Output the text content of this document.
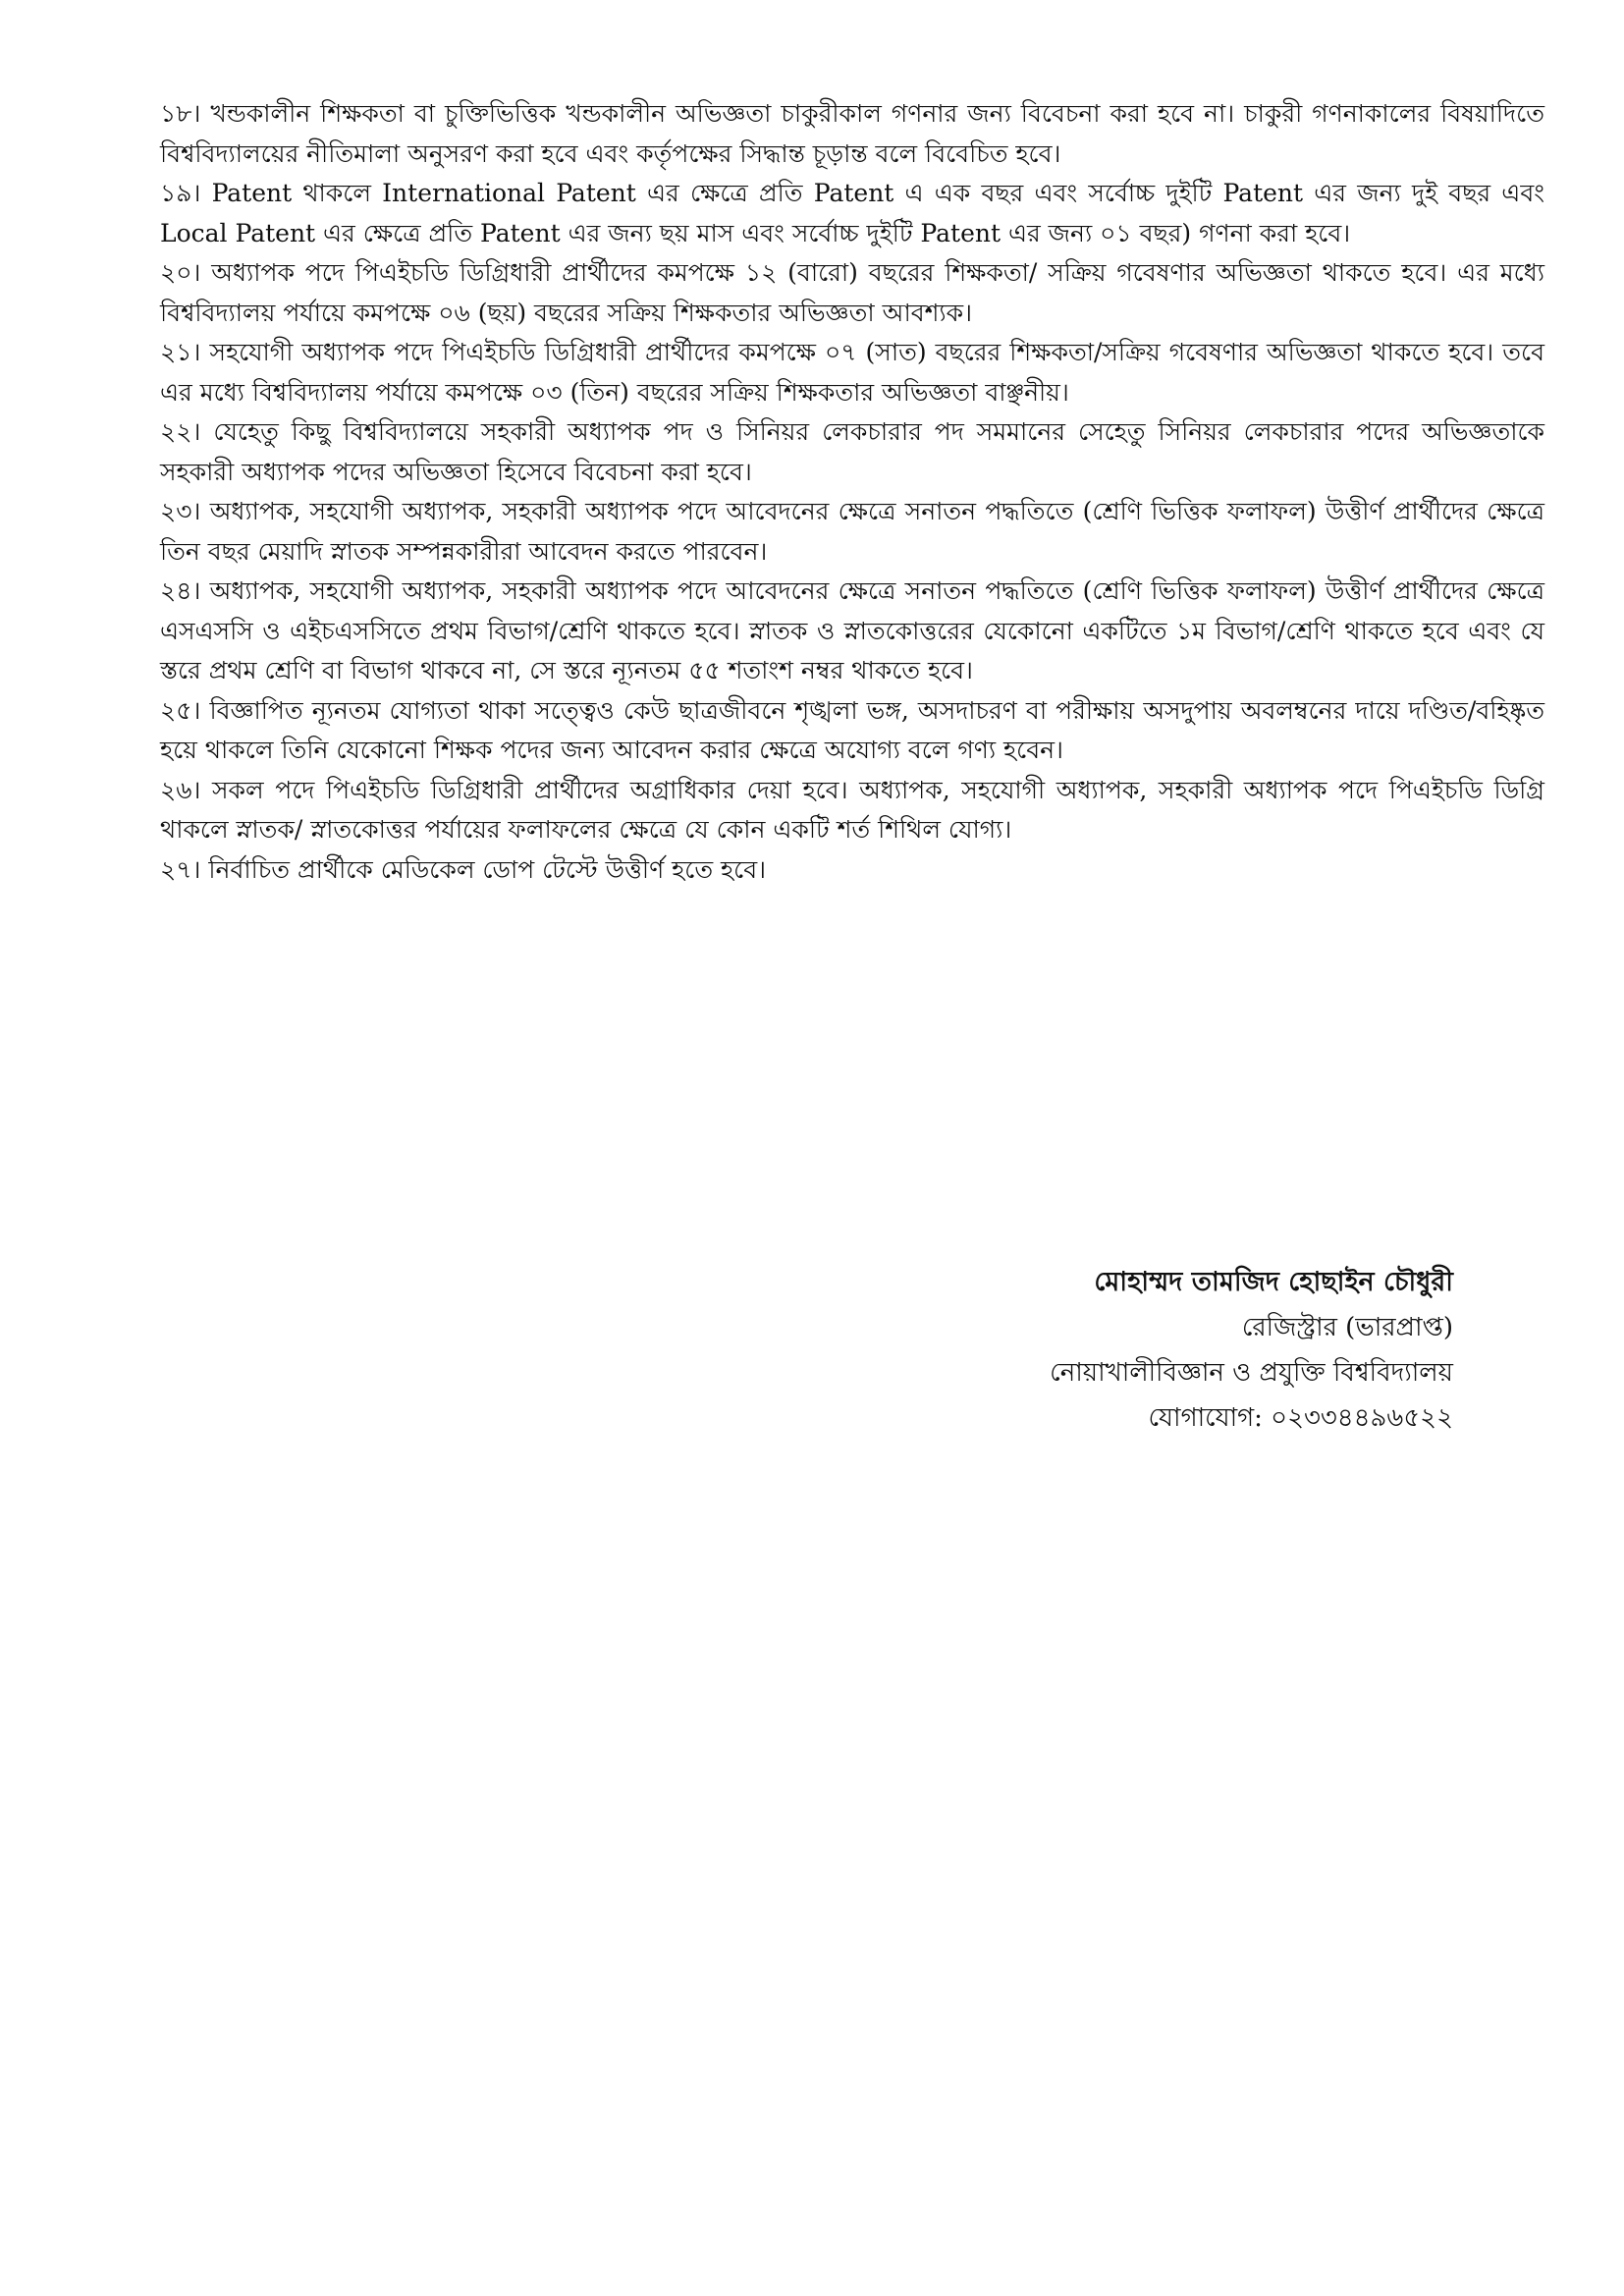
১৮। খন্ডকালীন শিক্ষকতা বা চুক্তিভিত্তিক খন্ডকালীন অভিজ্ঞতা চাকুরীকাল গণনার জন্য বিবেচনা করা হবে না। চাকুরী গণনাকালের বিষয়াদিতে বিশ্ববিদ্যালয়ের নীতিমালা অনুসরণ করা হবে এবং কর্তৃপক্ষের সিদ্ধান্ত চূড়ান্ত বলে বিবেচিত হবে।

১৯। Patent থাকলে International Patent এর ক্ষেত্রে প্রতি Patent এ এক বছর এবং সর্বোচ্চ দুইটি Patent এর জন্য দুই বছর এবং Local Patent এর ক্ষেত্রে প্রতি Patent এর জন্য ছয় মাস এবং সর্বোচ্চ দুইটি Patent এর জন্য ০১ বছর) গণনা করা হবে।

২০। অধ্যাপক পদে পিএইচডি ডিগ্রিধারী প্রার্থীদের কমপক্ষে ১২ (বারো) বছরের শিক্ষকতা/ সক্রিয় গবেষণার অভিজ্ঞতা থাকতে হবে। এর মধ্যে বিশ্ববিদ্যালয় পর্যায়ে কমপক্ষে ০৬ (ছয়) বছরের সক্রিয় শিক্ষকতার অভিজ্ঞতা আবশ্যক।

২১। সহযোগী অধ্যাপক পদে পিএইচডি ডিগ্রিধারী প্রার্থীদের কমপক্ষে ০৭ (সাত) বছরের শিক্ষকতা/সক্রিয় গবেষণার অভিজ্ঞতা থাকতে হবে। তবে এর মধ্যে বিশ্ববিদ্যালয় পর্যায়ে কমপক্ষে ০৩ (তিন) বছরের সক্রিয় শিক্ষকতার অভিজ্ঞতা বাঞ্ছনীয়।

২২। যেহেতু কিছু বিশ্ববিদ্যালয়ে সহকারী অধ্যাপক পদ ও সিনিয়র লেকচারার পদ সমমানের সেহেতু সিনিয়র লেকচারার পদের অভিজ্ঞতাকে সহকারী অধ্যাপক পদের অভিজ্ঞতা হিসেবে বিবেচনা করা হবে।

২৩। অধ্যাপক, সহযোগী অধ্যাপক, সহকারী অধ্যাপক পদে আবেদনের ক্ষেত্রে সনাতন পদ্ধতিতে (শ্রেণি ভিত্তিক ফলাফল) উত্তীর্ণ প্রার্থীদের ক্ষেত্রে তিন বছর মেয়াদি স্নাতক সম্পন্নকারীরা আবেদন করতে পারবেন।

২৪। অধ্যাপক, সহযোগী অধ্যাপক, সহকারী অধ্যাপক পদে আবেদনের ক্ষেত্রে সনাতন পদ্ধতিতে (শ্রেণি ভিত্তিক ফলাফল) উত্তীর্ণ প্রার্থীদের ক্ষেত্রে এসএসসি ও এইচএসসিতে প্রথম বিভাগ/শ্রেণি থাকতে হবে। স্নাতক ও স্নাতকোত্তরের যেকোনো একটিতে ১ম বিভাগ/শ্রেণি থাকতে হবে এবং যে স্তরে প্রথম শ্রেণি বা বিভাগ থাকবে না, সে স্তরে ন্যূনতম ৫৫ শতাংশ নম্বর থাকতে হবে।

২৫। বিজ্ঞাপিত ন্যূনতম যোগ্যতা থাকা সত্ত্বেও কেউ ছাত্রজীবনে শৃঙ্খলা ভঙ্গ, অসদাচরণ বা পরীক্ষায় অসদুপায় অবলম্বনের দায়ে দণ্ডিত/বহিষ্কৃত হয়ে থাকলে তিনি যেকোনো শিক্ষক পদের জন্য আবেদন করার ক্ষেত্রে অযোগ্য বলে গণ্য হবেন।

২৬। সকল পদে পিএইচডি ডিগ্রিধারী প্রার্থীদের অগ্রাধিকার দেয়া হবে। অধ্যাপক, সহযোগী অধ্যাপক, সহকারী অধ্যাপক পদে পিএইচডি ডিগ্রি থাকলে স্নাতক/ স্নাতকোত্তর পর্যায়ের ফলাফলের ক্ষেত্রে যে কোন একটি শর্ত শিথিল যোগ্য।

২৭। নির্বাচিত প্রার্থীকে মেডিকেল ডোপ টেস্টে উত্তীর্ণ হতে হবে।

মোহাম্মদ তামজিদ হোছাইন চৌধুরী

রেজিস্ট্রার (ভারপ্রাপ্ত)

নোয়াখালীবিজ্ঞান ও প্রযুক্তি বিশ্ববিদ্যালয়

যোগাযোগ: ০২৩৩৪৪৯৬৫২২
